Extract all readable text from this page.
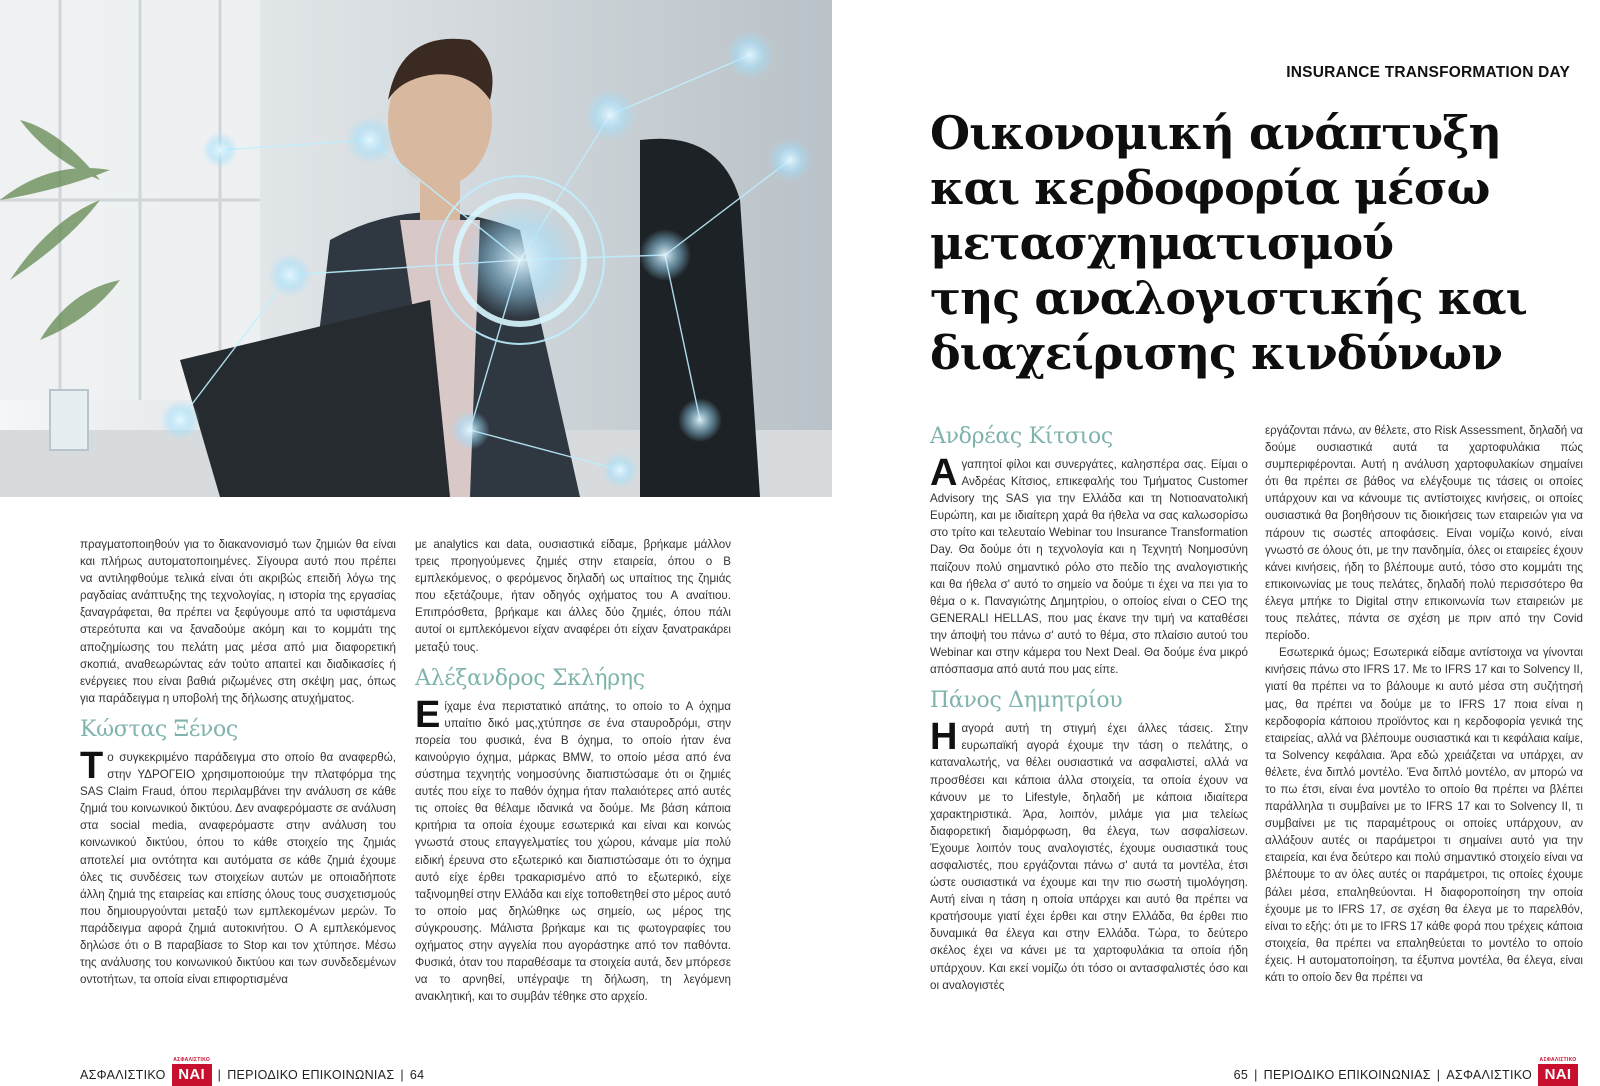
πραγματοποιηθούν για το διακανονισμό των ζημιών θα είναι και πλήρως αυτοματοποιημένες. Σίγουρα αυτό που πρέπει να αντιληφθούμε τελικά είναι ότι ακριβώς επειδή λόγω της ραγδαίας ανάπτυξης της τεχνολογίας, η ιστορία της εργασίας ξαναγράφεται, θα πρέπει να ξεφύγουμε από τα υφιστάμενα στερεότυπα και να ξαναδούμε ακόμη και το κομμάτι της αποζημίωσης του πελάτη μας μέσα από μια διαφορετική σκοπιά, αναθεωρώντας εάν τούτο απαιτεί και διαδικασίες ή ενέργειες που είναι βαθιά ριζωμένες στη σκέψη μας, όπως για παράδειγμα η υποβολή της δήλωσης ατυχήματος.

Κώστας Ξένος

Το συγκεκριμένο παράδειγμα στο οποίο θα αναφερθώ, στην ΥΔΡΟΓΕΙΟ χρησιμοποιούμε την πλατφόρμα της SAS Claim Fraud, όπου περιλαμβάνει την ανάλυση σε κάθε ζημιά του κοινωνικού δικτύου. Δεν αναφερόμαστε σε ανάλυση στα social media, αναφερόμαστε στην ανάλυση του κοινωνικού δικτύου, όπου το κάθε στοιχείο της ζημιάς αποτελεί μια οντότητα και αυτόματα σε κάθε ζημιά έχουμε όλες τις συνδέσεις των στοιχείων αυτών με οποιαδήποτε άλλη ζημιά της εταιρείας και επίσης όλους τους συσχετισμούς που δημιουργούνται μεταξύ των εμπλεκομένων μερών. Το παράδειγμα αφορά ζημιά αυτοκινήτου. Ο Α εμπλεκόμενος δηλώσε ότι ο Β παραβίασε το Stop και τον χτύπησε. Μέσω της ανάλυσης του κοινωνικού δικτύου και των συνδεδεμένων οντοτήτων, τα οποία είναι επιφορτισμένα

με analytics και data, ουσιαστικά είδαμε, βρήκαμε μάλλον τρεις προηγούμενες ζημιές στην εταιρεία, όπου ο Β εμπλεκόμενος, ο φερόμενος δηλαδή ως υπαίτιος της ζημιάς που εξετάζουμε, ήταν οδηγός οχήματος του Α αναίτιου. Επιπρόσθετα, βρήκαμε και άλλες δύο ζημιές, όπου πάλι αυτοί οι εμπλεκόμενοι είχαν αναφέρει ότι είχαν ξανατρακάρει μεταξύ τους.

Αλέξανδρος Σκλήρης

Είχαμε ένα περιστατικό απάτης, το οποίο το Α όχημα υπαίτιο δικό μας,χτύπησε σε ένα σταυροδρόμι, στην πορεία του φυσικά, ένα Β όχημα, το οποίο ήταν ένα καινούργιο όχημα, μάρκας BMW, το οποίο μέσα από ένα σύστημα τεχνητής νοημοσύνης διαπιστώσαμε ότι οι ζημιές αυτές που είχε το παθόν όχημα ήταν παλαιότερες από αυτές τις οποίες θα θέλαμε ιδανικά να δούμε. Με βάση κάποια κριτήρια τα οποία έχουμε εσωτερικά και είναι και κοινώς γνωστά στους επαγγελματίες του χώρου, κάναμε μία πολύ ειδική έρευνα στο εξωτερικό και διαπιστώσαμε ότι το όχημα αυτό είχε έρθει τρακαρισμένο από το εξωτερικό, είχε ταξινομηθεί στην Ελλάδα και είχε τοποθετηθεί στο μέρος αυτό το οποίο μας δηλώθηκε ως σημείο, ως μέρος της σύγκρουσης. Μάλιστα βρήκαμε και τις φωτογραφίες του οχήματος στην αγγελία που αγοράστηκε από τον παθόντα. Φυσικά, όταν του παραθέσαμε τα στοιχεία αυτά, δεν μπόρεσε να το αρνηθεί, υπέγραψε τη δήλωση, τη λεγόμενη ανακλητική, και το συμβάν τέθηκε στο αρχείο.

INSURANCE TRANSFORMATION DAY
Οικονομική ανάπτυξη
και κερδοφορία μέσω
μετασχηματισμού
της αναλογιστικής και
διαχείρισης κινδύνων
Ανδρέας Κίτσιος

Αγαπητοί φίλοι και συνεργάτες, καλησπέρα σας. Είμαι ο Ανδρέας Κίτσιος, επικεφαλής του Τμήματος Customer Advisory της SAS για την Ελλάδα και τη Νοτιοανατολική Ευρώπη, και με ιδιαίτερη χαρά θα ήθελα να σας καλωσορίσω στο τρίτο και τελευταίο Webinar του Insurance Transformation Day. Θα δούμε ότι η τεχνολογία και η Τεχνητή Νοημοσύνη παίζουν πολύ σημαντικό ρόλο στο πεδίο της αναλογιστικής και θα ήθελα σ' αυτό το σημείο να δούμε τι έχει να πει για το θέμα ο κ. Παναγιώτης Δημητρίου, ο οποίος είναι ο CEO της GENERALI HELLAS, που μας έκανε την τιμή να καταθέσει την άποψή του πάνω σ' αυτό το θέμα, στο πλαίσιο αυτού του Webinar και στην κάμερα του Next Deal. Θα δούμε ένα μικρό απόσπασμα από αυτά που μας είπε.

Πάνος Δημητρίου

Ηαγορά αυτή τη στιγμή έχει άλλες τάσεις. Στην ευρωπαϊκή αγορά έχουμε την τάση ο πελάτης, ο καταναλωτής, να θέλει ουσιαστικά να ασφαλιστεί, αλλά να προσθέσει και κάποια άλλα στοιχεία, τα οποία έχουν να κάνουν με το Lifestyle, δηλαδή με κάποια ιδιαίτερα χαρακτηριστικά. Άρα, λοιπόν, μιλάμε για μια τελείως διαφορετική διαμόρφωση, θα έλεγα, των ασφαλίσεων. Έχουμε λοιπόν τους αναλογιστές, έχουμε ουσιαστικά τους ασφαλιστές, που εργάζονται πάνω σ' αυτά τα μοντέλα, έτσι ώστε ουσιαστικά να έχουμε και την πιο σωστή τιμολόγηση. Αυτή είναι η τάση η οποία υπάρχει και αυτό θα πρέπει να κρατήσουμε γιατί έχει έρθει και στην Ελλάδα, θα έρθει πιο δυναμικά θα έλεγα και στην Ελλάδα. Τώρα, το δεύτερο σκέλος έχει να κάνει με τα χαρτοφυλάκια τα οποία ήδη υπάρχουν. Και εκεί νομίζω ότι τόσο οι αντασφαλιστές όσο και οι αναλογιστές

εργάζονται πάνω, αν θέλετε, στο Risk Assessment, δηλαδή να δούμε ουσιαστικά αυτά τα χαρτοφυλάκια πώς συμπεριφέρονται. Αυτή η ανάλυση χαρτοφυλακίων σημαίνει ότι θα πρέπει σε βάθος να ελέγξουμε τις τάσεις οι οποίες υπάρχουν και να κάνουμε τις αντίστοιχες κινήσεις, οι οποίες ουσιαστικά θα βοηθήσουν τις διοικήσεις των εταιρειών για να πάρουν τις σωστές αποφάσεις. Είναι νομίζω κοινό, είναι γνωστό σε όλους ότι, με την πανδημία, όλες οι εταιρείες έχουν κάνει κινήσεις, ήδη το βλέπουμε αυτό, τόσο στο κομμάτι της επικοινωνίας με τους πελάτες, δηλαδή πολύ περισσότερο θα έλεγα μπήκε το Digital στην επικοινωνία των εταιρειών με τους πελάτες, πάντα σε σχέση με πριν από την Covid περίοδο.

Εσωτερικά όμως; Εσωτερικά είδαμε αντίστοιχα να γίνονται κινήσεις πάνω στο IFRS 17. Με το IFRS 17 και το Solvency II, γιατί θα πρέπει να το βάλουμε κι αυτό μέσα στη συζήτησή μας, θα πρέπει να δούμε με το IFRS 17 ποια είναι η κερδοφορία κάποιου προϊόντος και η κερδοφορία γενικά της εταιρείας, αλλά να βλέπουμε ουσιαστικά και τι κεφάλαια καίμε, τα Solvency κεφάλαια. Άρα εδώ χρειάζεται να υπάρχει, αν θέλετε, ένα διπλό μοντέλο. Ένα διπλό μοντέλο, αν μπορώ να το πω έτσι, είναι ένα μοντέλο το οποίο θα πρέπει να βλέπει παράλληλα τι συμβαίνει με το IFRS 17 και το Solvency II, τι συμβαίνει με τις παραμέτρους οι οποίες υπάρχουν, αν αλλάξουν αυτές οι παράμετροι τι σημαίνει αυτό για την εταιρεία, και ένα δεύτερο και πολύ σημαντικό στοιχείο είναι να βλέπουμε το αν όλες αυτές οι παράμετροι, τις οποίες έχουμε βάλει μέσα, επαληθεύονται. Η διαφοροποίηση την οποία έχουμε με το IFRS 17, σε σχέση θα έλεγα με το παρελθόν, είναι το εξής: ότι με το IFRS 17 κάθε φορά που τρέχεις κάποια στοιχεία, θα πρέπει να επαληθεύεται το μοντέλο το οποίο έχεις. Η αυτοματοποίηση, τα έξυπνα μοντέλα, θα έλεγα, είναι κάτι το οποίο δεν θα πρέπει να

ΑΣΦΑΛΙΣΤΙΚΟ
ΑΣΦΑΛΙΣΤΙΚΟ
ΝΑΙ	| ΠΕΡΙΟΔΙΚΟ ΕΠΙΚΟΙΝΩΝΙΑΣ | 64	65 | ΠΕΡΙΟΔΙΚΟ ΕΠΙΚΟΙΝΩΝΙΑΣ | ΑΣΦΑΛΙΣΤΙΚΟ
ΑΣΦΑΛΙΣΤΙΚΟ
ΝΑΙ
